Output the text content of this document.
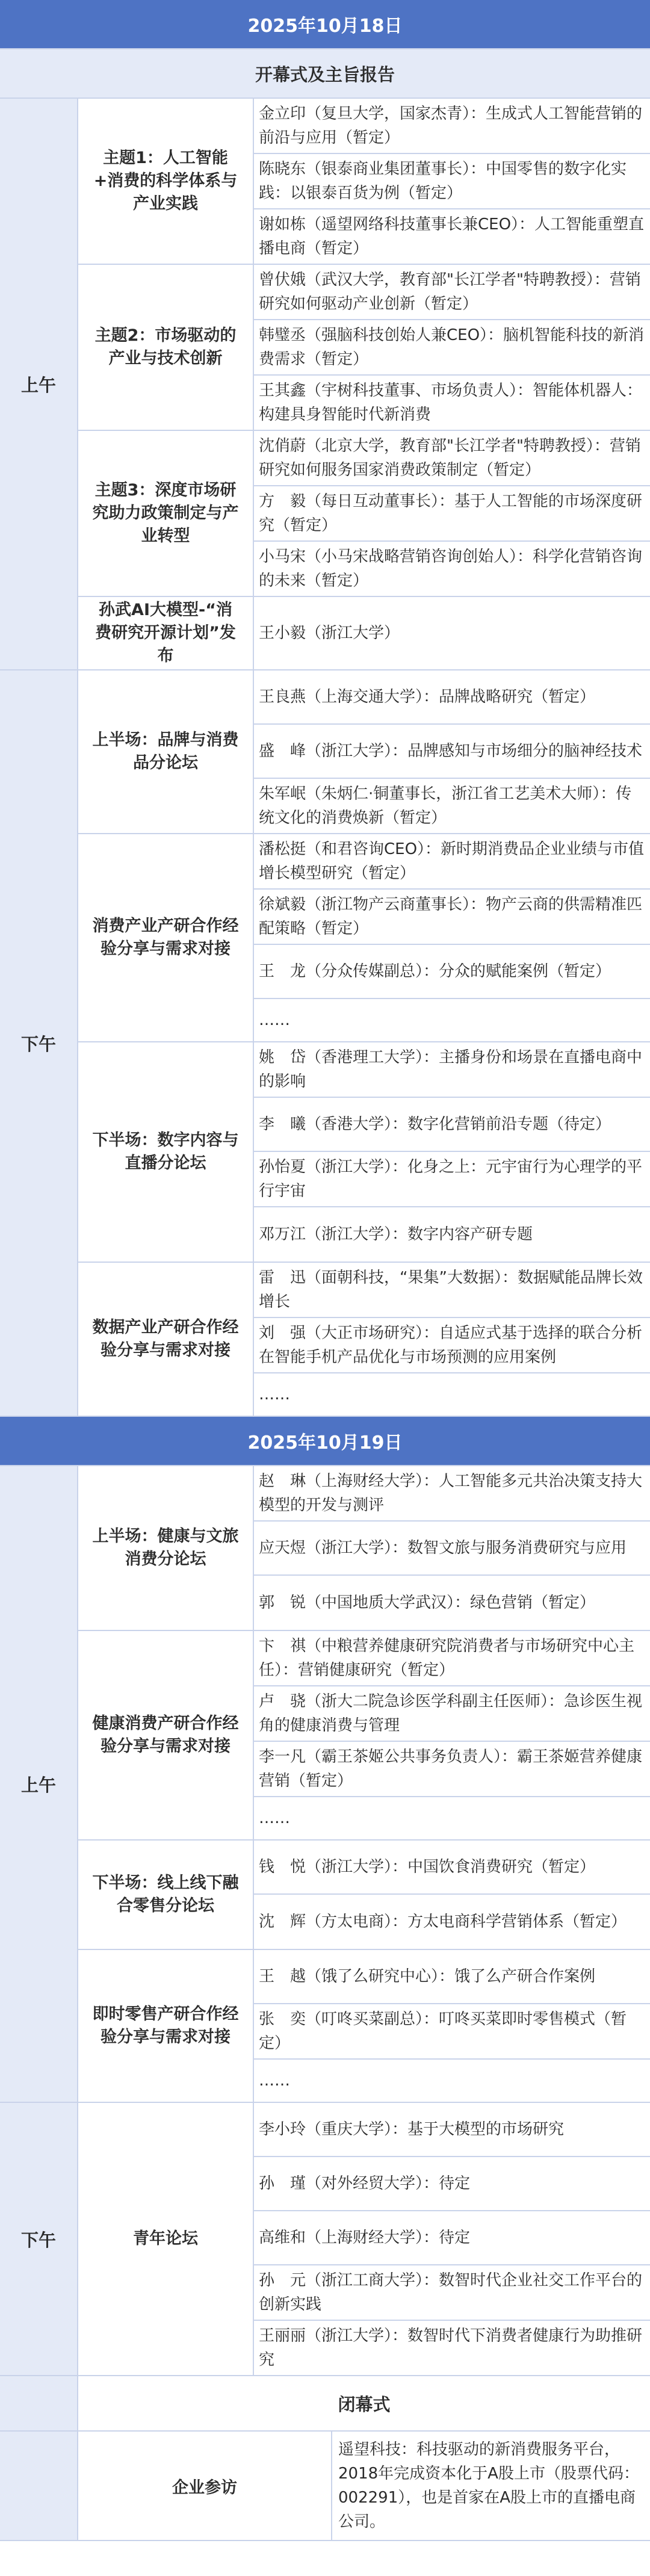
2025年10月18日
开幕式及主旨报告
上午
主题1：人工智能+消费的科学体系与产业实践
金立印（复旦大学，国家杰青）：生成式人工智能营销的前沿与应用（暂定）
陈晓东（银泰商业集团董事长）：中国零售的数字化实践：以银泰百货为例（暂定）
谢如栋（遥望网络科技董事长兼CEO）：人工智能重塑直播电商（暂定）
主题2：市场驱动的产业与技术创新
曾伏娥（武汉大学，教育部"长江学者"特聘教授）：营销研究如何驱动产业创新（暂定）
韩璧丞（强脑科技创始人兼CEO）：脑机智能科技的新消费需求（暂定）
王其鑫（宇树科技董事、市场负责人）：智能体机器人：构建具身智能时代新消费
主题3：深度市场研究助力政策制定与产业转型
沈俏蔚（北京大学，教育部"长江学者"特聘教授）：营销研究如何服务国家消费政策制定（暂定）
方　毅（每日互动董事长）：基于人工智能的市场深度研究（暂定）
小马宋（小马宋战略营销咨询创始人）：科学化营销咨询的未来（暂定）
孙武AI大模型-“消费研究开源计划”发布
王小毅（浙江大学）
下午
上半场：品牌与消费品分论坛
王良燕（上海交通大学）：品牌战略研究（暂定）
盛　峰（浙江大学）：品牌感知与市场细分的脑神经技术
朱军岷（朱炳仁·铜董事长，浙江省工艺美术大师）：传统文化的消费焕新（暂定）
消费产业产研合作经验分享与需求对接
潘松挺（和君咨询CEO）：新时期消费品企业业绩与市值增长模型研究（暂定）
徐斌毅（浙江物产云商董事长）：物产云商的供需精准匹配策略（暂定）
王　龙（分众传媒副总）：分众的赋能案例（暂定）
……
下半场：数字内容与直播分论坛
姚　岱（香港理工大学）：主播身份和场景在直播电商中的影响
李　曦（香港大学）：数字化营销前沿专题（待定）
孙怡夏（浙江大学）：化身之上：元宇宙行为心理学的平行宇宙
邓万江（浙江大学）：数字内容产研专题
数据产业产研合作经验分享与需求对接
雷　迅（面朝科技，“果集”大数据）：数据赋能品牌长效增长
刘　强（大正市场研究）：自适应式基于选择的联合分析在智能手机产品优化与市场预测的应用案例
……
2025年10月19日
上午
上半场：健康与文旅消费分论坛
赵　琳（上海财经大学）：人工智能多元共治决策支持大模型的开发与测评
应天煜（浙江大学）：数智文旅与服务消费研究与应用
郭　锐（中国地质大学武汉）：绿色营销（暂定）
健康消费产研合作经验分享与需求对接
卞　祺（中粮营养健康研究院消费者与市场研究中心主任）：营销健康研究（暂定）
卢　骁（浙大二院急诊医学科副主任医师）：急诊医生视角的健康消费与管理
李一凡（霸王茶姬公共事务负责人）：霸王茶姬营养健康营销（暂定）
……
下半场：线上线下融合零售分论坛
钱　悦（浙江大学）：中国饮食消费研究（暂定）
沈　辉（方太电商）：方太电商科学营销体系（暂定）
即时零售产研合作经验分享与需求对接
王　越（饿了么研究中心）：饿了么产研合作案例
张　奕（叮咚买菜副总）：叮咚买菜即时零售模式（暂定）
……
下午	青年论坛
李小玲（重庆大学）：基于大模型的市场研究
孙　瑾（对外经贸大学）：待定
高维和（上海财经大学）：待定
孙　元（浙江工商大学）：数智时代企业社交工作平台的创新实践
王丽丽（浙江大学）：数智时代下消费者健康行为助推研究
闭幕式
企业参访
遥望科技：科技驱动的新消费服务平台，2018年完成资本化于A股上市（股票代码：002291），也是首家在A股上市的直播电商公司。
